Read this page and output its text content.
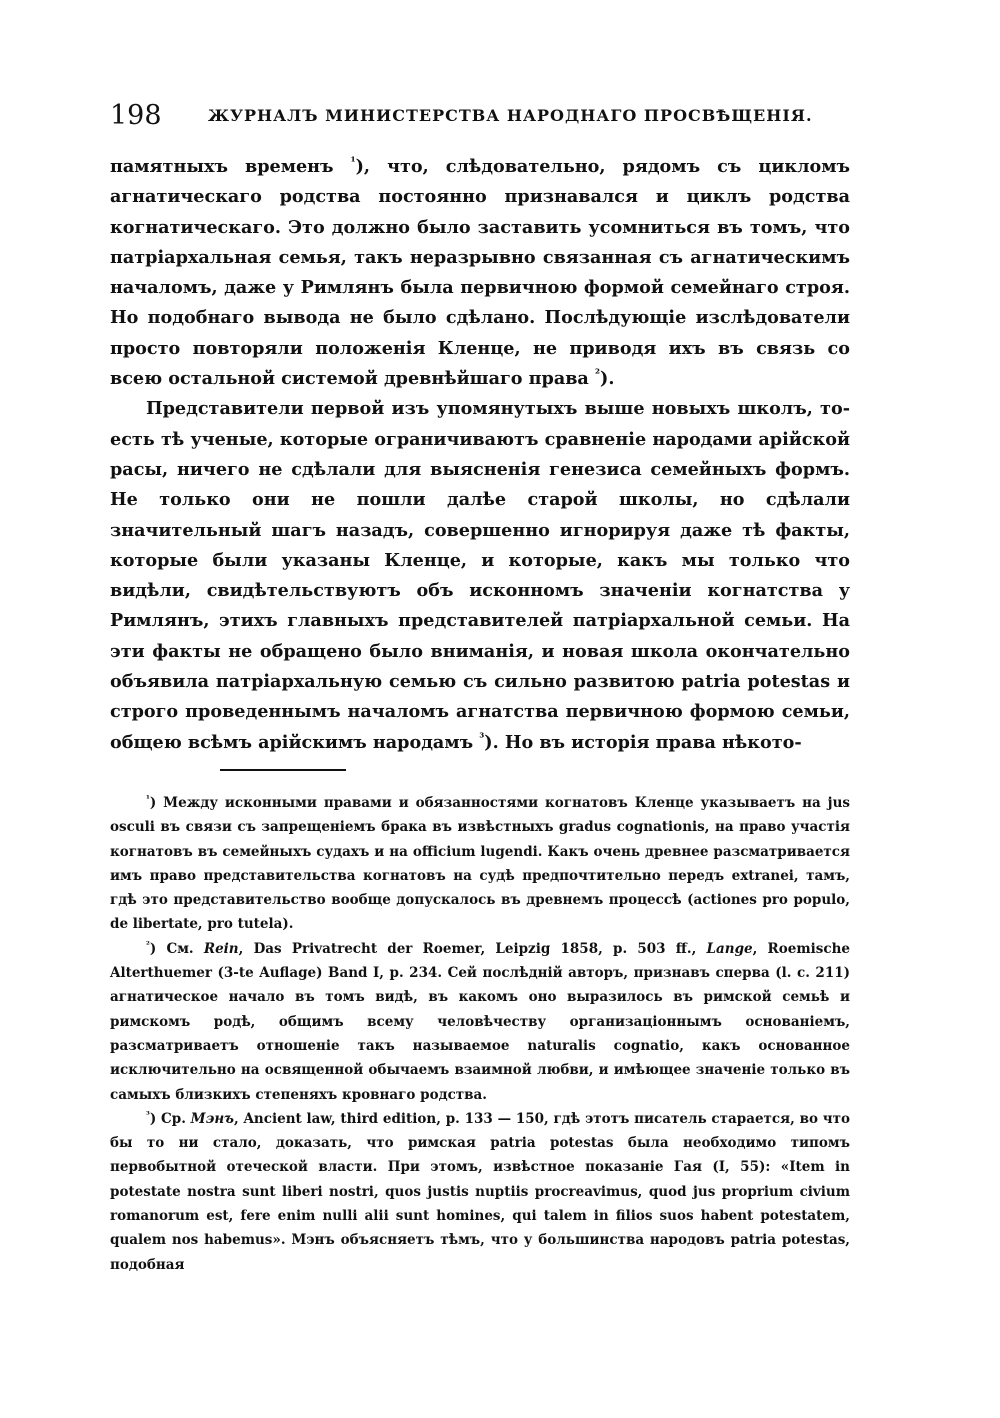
198	ЖУРНАЛЪ МИНИСТЕРСТВА НАРОДНАГО ПРОСВѢЩЕНІЯ.

памятныхъ временъ $^{^1}$), что, слѣдовательно, рядомъ съ цикломъ агнатическаго родства постоянно признавался и циклъ родства когнатическаго. Это должно было заставить усомниться въ томъ, что патріархальная семья, такъ неразрывно связанная съ агнатическимъ началомъ, даже у Римлянъ была первичною формой семейнаго строя. Но подобнаго вывода не было сдѣлано. Послѣдующіе изслѣдователи просто повторяли положенія Кленце, не приводя ихъ въ связь со всею остальной системой древнѣйшаго права $^{^2}$).

Представители первой изъ упомянутыхъ выше новыхъ школъ, то-есть тѣ ученые, которые ограничиваютъ сравненіе народами арійской расы, ничего не сдѣлали для выясненія генезиса семейныхъ формъ. Не только они не пошли далѣе старой школы, но сдѣлали значительный шагъ назадъ, совершенно игнорируя даже тѣ факты, которые были указаны Кленце, и которые, какъ мы только что видѣли, свидѣтельствуютъ объ исконномъ значеніи когнатства у Римлянъ, этихъ главныхъ представителей патріархальной семьи. На эти факты не обращено было вниманія, и новая школа окончательно объявила патріархальную семью съ сильно развитою patria potestas и строго проведеннымъ началомъ агнатства первичною формою семьи, общею всѣмъ арійскимъ народамъ $^{^3}$). Но въ исторія права нѣкото-

$^{^1}$) Между исконными правами и обязанностями когнатовъ Кленце указываетъ на jus osculi въ связи съ запрещеніемъ брака въ извѣстныхъ gradus cognationis, на право участія когнатовъ въ семейныхъ судахъ и на officium lugendi. Какъ очень древнее разсматривается имъ право представительства когнатовъ на судѣ предпочтительно передъ extranei, тамъ, гдѣ это представительство вообще допускалось въ древнемъ процессѣ (actiones pro populo, de libertate, pro tutela).

$^{^2}$) См. Rein, Das Privatrecht der Roemer, Leipzig 1858, p. 503 ff., Lange, Roemische Alterthuemer (3-te Auflage) Band I, p. 234. Сей послѣдній авторъ, признавъ сперва (l. c. 211) агнатическое начало въ томъ видѣ, въ какомъ оно выразилось въ римской семьѣ и римскомъ родѣ, общимъ всему человѣчеству организаціоннымъ основаніемъ, разсматриваетъ отношеніе такъ называемое naturalis cognatio, какъ основанное исключительно на освященной обычаемъ взаимной любви, и имѣющее значеніе только въ самыхъ близкихъ степеняхъ кровнаго родства.

$^{^3}$) Ср. Мэнъ, Ancient law, third edition, p. 133 — 150, гдѣ этотъ писатель старается, во что бы то ни стало, доказать, что римская patria potestas была необходимо типомъ первобытной отеческой власти. При этомъ, извѣстное показаніе Гая (I, 55): «Item in potestate nostra sunt liberi nostri, quos justis nuptiis procreavimus, quod jus proprium civium romanorum est, fere enim nulli alii sunt homines, qui talem in filios suos habent potestatem, qualem nos habemus». Мэнъ объясняетъ тѣмъ, что у большинства народовъ patria potestas, подобная
